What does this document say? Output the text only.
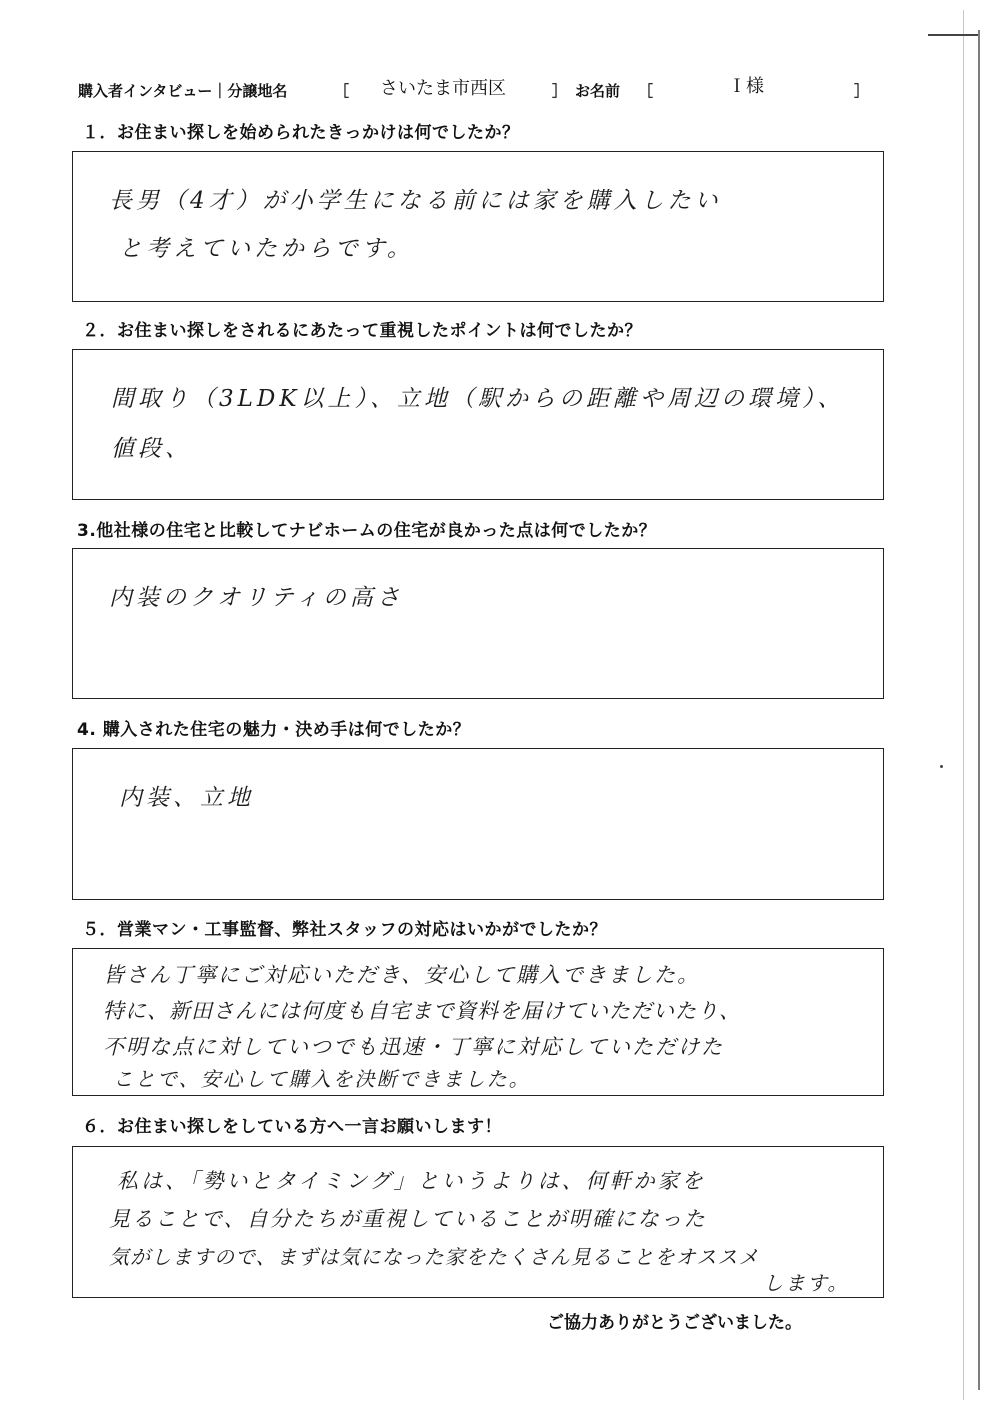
購入者インタビュー｜分譲地名	［ さいたま市西区	］ お名前 ［	Ｉ様	］
１．お住まい探しを始められたきっかけは何でしたか？
長男（4才）が小学生になる前には家を購入したい
と考えていたからです。
２．お住まい探しをされるにあたって重視したポイントは何でしたか？
間取り（3LDK以上）、立地（駅からの距離や周辺の環境）、
値段、
3.他社様の住宅と比較してナビホームの住宅が良かった点は何でしたか？
内装のクオリティの高さ
4. 購入された住宅の魅力・決め手は何でしたか？
内装、立地
５．営業マン・工事監督、弊社スタッフの対応はいかがでしたか？
皆さん丁寧にご対応いただき、安心して購入できました。
特に、新田さんには何度も自宅まで資料を届けていただいたり、
不明な点に対していつでも迅速・丁寧に対応していただけた
ことで、安心して購入を決断できました。
６．お住まい探しをしている方へ一言お願いします！
私は、「勢いとタイミング」というよりは、何軒か家を
見ることで、自分たちが重視していることが明確になった
気がしますので、まずは気になった家をたくさん見ることをオススメ
します。
ご協力ありがとうございました。
